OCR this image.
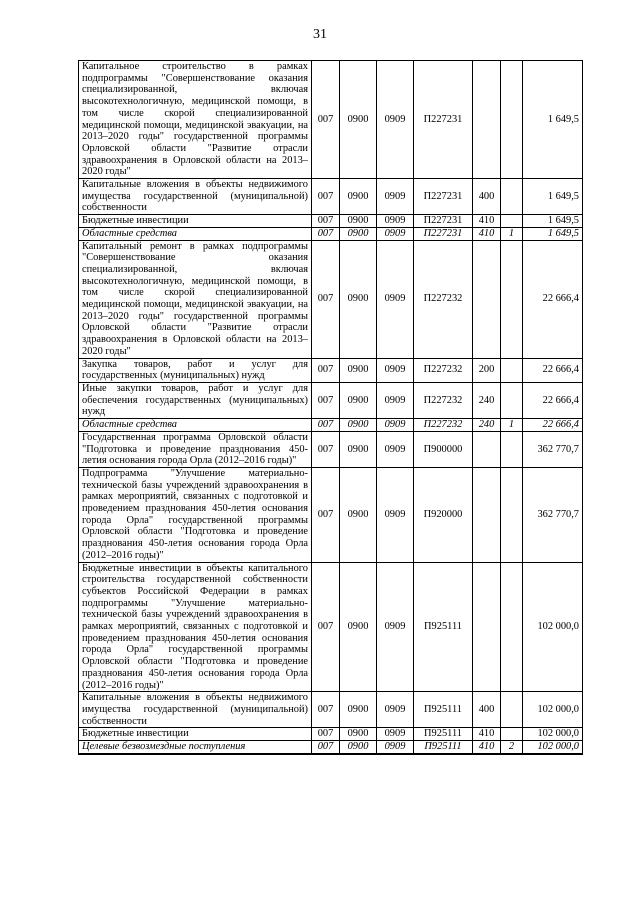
31
Капитальное строительство в рамках подпрограммы "Совершенствование оказания специализированной, включая высокотехнологичную, медицинской помощи, в том числе скорой специализированной медицинской помощи, медицинской эвакуации, на 2013–2020 годы" государственной программы Орловской области "Развитие отрасли здравоохранения в Орловской области на 2013–2020 годы"	007	0900	0909	П227231			1 649,5
Капитальные вложения в объекты недвижимого имущества государственной (муниципальной) собственности	007	0900	0909	П227231	400		1 649,5
Бюджетные инвестиции	007	0900	0909	П227231	410		1 649,5
Областные средства	007	0900	0909	П227231	410	1	1 649,5
Капитальный ремонт в рамках подпрограммы "Совершенствование оказания специализированной, включая высокотехнологичную, медицинской помощи, в том числе скорой специализированной медицинской помощи, медицинской эвакуации, на 2013–2020 годы" государственной программы Орловской области "Развитие отрасли здравоохранения в Орловской области на 2013–2020 годы"	007	0900	0909	П227232			22 666,4
Закупка товаров, работ и услуг для государственных (муниципальных) нужд	007	0900	0909	П227232	200		22 666,4
Иные закупки товаров, работ и услуг для обеспечения государственных (муниципальных) нужд	007	0900	0909	П227232	240		22 666,4
Областные средства	007	0900	0909	П227232	240	1	22 666,4
Государственная программа Орловской области "Подготовка и проведение празднования 450-летия основания города Орла (2012–2016 годы)"	007	0900	0909	П900000			362 770,7
Подпрограмма "Улучшение материально-технической базы учреждений здравоохранения в рамках мероприятий, связанных с подготовкой и проведением празднования 450-летия основания города Орла" государственной программы Орловской области "Подготовка и проведение празднования 450-летия основания города Орла (2012–2016 годы)"	007	0900	0909	П920000			362 770,7
Бюджетные инвестиции в объекты капитального строительства государственной собственности субъектов Российской Федерации в рамках подпрограммы "Улучшение материально-технической базы учреждений здравоохранения в рамках мероприятий, связанных с подготовкой и проведением празднования 450-летия основания города Орла" государственной программы Орловской области "Подготовка и проведение празднования 450-летия основания города Орла (2012–2016 годы)"	007	0900	0909	П925111			102 000,0
Капитальные вложения в объекты недвижимого имущества государственной (муниципальной) собственности	007	0900	0909	П925111	400		102 000,0
Бюджетные инвестиции	007	0900	0909	П925111	410		102 000,0
Целевые безвозмездные поступления	007	0900	0909	П925111	410	2	102 000,0
